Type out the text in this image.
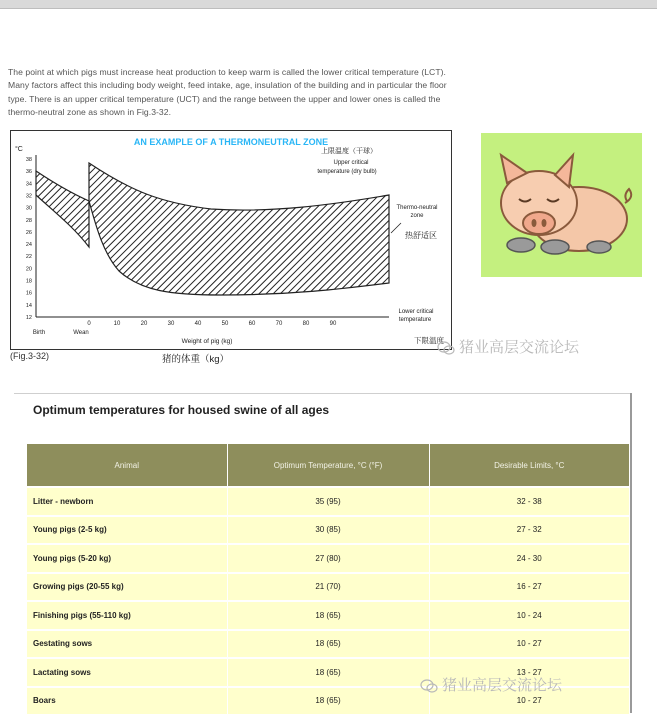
The point at which pigs must increase heat production to keep warm is called the lower critical temperature (LCT). Many factors affect this including body weight, feed intake, age, insulation of the building and in particular the floor type. There is an upper critical temperature (UCT) and the range between the upper and lower ones is called the thermo-neutral zone as shown in Fig.3-32.
AN EXAMPLE OF A THERMONEUTRAL ZONE
°C
38
36
34
32
30
28
26
24
22
20
18
16
14
12
Birth	Wean
0	10	20	30	40	50	60	70	80	90
上限温度（干球）
Upper critical
temperature (dry bulb)
Thermo-neutral
zone
热舒适区
Lower critical
temperature
下限温度
Weight of pig (kg)
(Fig.3-32)	猪的体重（kg）
猪业高层交流论坛
Optimum temperatures for housed swine of all ages
Animal	Optimum Temperature, °C (°F)	Desirable Limits, °C
Litter - newborn	35 (95)	32 - 38
Young pigs (2-5 kg)	30 (85)	27 - 32
Young pigs (5-20 kg)	27 (80)	24 - 30
Growing pigs (20-55 kg)	21 (70)	16 - 27
Finishing pigs (55-110 kg)	18 (65)	10 - 24
Gestating sows	18 (65)	10 - 27
Lactating sows	18 (65)	13 - 27
Boars	18 (65)	10 - 27
猪业高层交流论坛
